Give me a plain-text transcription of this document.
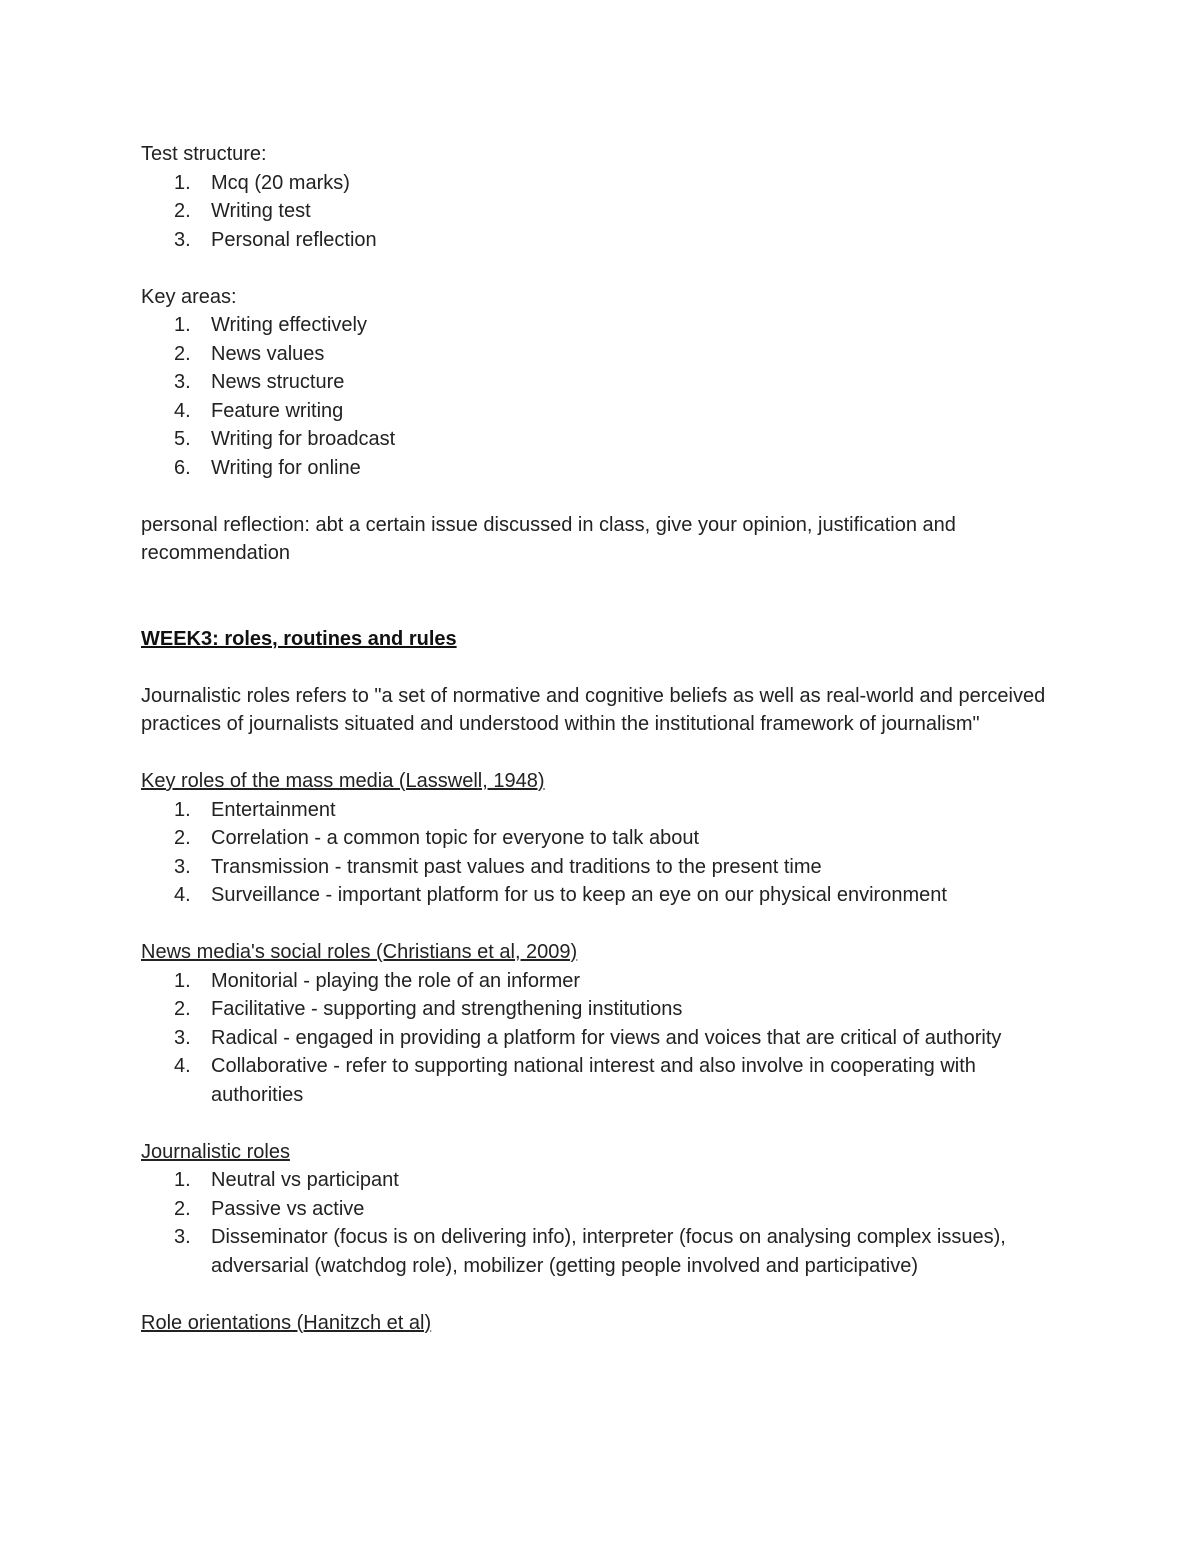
Test structure:

1.	Mcq (20 marks)
2.	Writing test
3.	Personal reflection

Key areas:

1.	Writing effectively
2.	News values
3.	News structure
4.	Feature writing
5.	Writing for broadcast
6.	Writing for online

personal reflection: abt a certain issue discussed in class, give your opinion, justification and recommendation

WEEK3: roles, routines and rules

Journalistic roles refers to "a set of normative and cognitive beliefs as well as real-world and perceived practices of journalists situated and understood within the institutional framework of journalism"

Key roles of the mass media (Lasswell, 1948)

1.	Entertainment
2.	Correlation - a common topic for everyone to talk about
3.	Transmission - transmit past values and traditions to the present time
4.	Surveillance - important platform for us to keep an eye on our physical environment

News media's social roles (Christians et al, 2009)

1.	Monitorial - playing the role of an informer
2.	Facilitative - supporting and strengthening institutions
3.	Radical - engaged in providing a platform for views and voices that are critical of authority
4.	Collaborative - refer to supporting national interest and also involve in cooperating with authorities

Journalistic roles

1.	Neutral vs participant
2.	Passive vs active
3.	Disseminator (focus is on delivering info), interpreter (focus on analysing complex issues), adversarial (watchdog role), mobilizer (getting people involved and participative)

Role orientations (Hanitzch et al)
